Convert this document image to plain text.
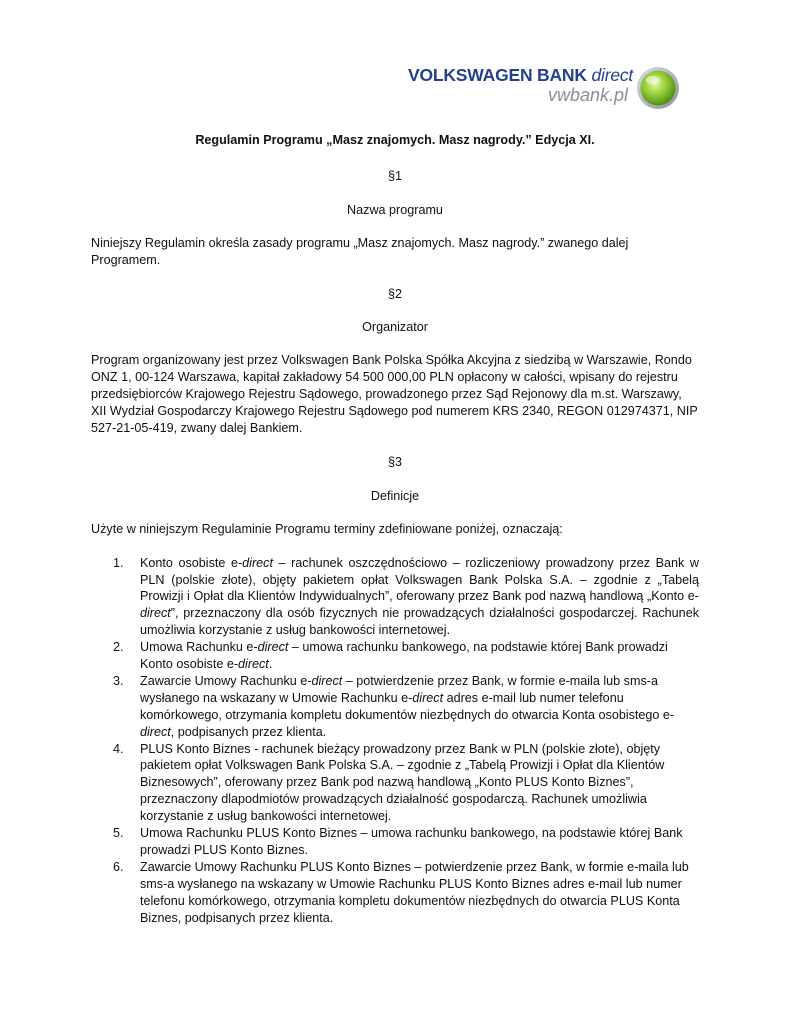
VOLKSWAGEN BANK direct
vwbank.pl
Regulamin Programu „Masz znajomych. Masz nagrody.” Edycja XI.
§1
Nazwa programu
Niniejszy Regulamin określa zasady programu „Masz znajomych. Masz nagrody.” zwanego dalej Programem.
§2
Organizator
Program organizowany jest przez Volkswagen Bank Polska Spółka Akcyjna z siedzibą w Warszawie, Rondo ONZ 1, 00-124 Warszawa, kapitał zakładowy 54 500 000,00 PLN opłacony w całości, wpisany do rejestru przedsiębiorców Krajowego Rejestru Sądowego, prowadzonego przez Sąd Rejonowy dla m.st. Warszawy, XII Wydział Gospodarczy Krajowego Rejestru Sądowego pod numerem KRS 2340, REGON 012974371, NIP 527-21-05-419, zwany dalej Bankiem.
§3
Definicje
Użyte w niniejszym Regulaminie Programu terminy zdefiniowane poniżej, oznaczają:
1. Konto osobiste e-direct – rachunek oszczędnościowo – rozliczeniowy prowadzony przez Bank w PLN (polskie złote), objęty pakietem opłat Volkswagen Bank Polska S.A. – zgodnie z „Tabelą Prowizji i Opłat dla Klientów Indywidualnych”, oferowany przez Bank pod nazwą handlową „Konto e-direct”, przeznaczony dla osób fizycznych nie prowadzących działalności gospodarczej. Rachunek umożliwia korzystanie z usług bankowości internetowej.
2. Umowa Rachunku e-direct – umowa rachunku bankowego, na podstawie której Bank prowadzi Konto osobiste e-direct.
3. Zawarcie Umowy Rachunku e-direct – potwierdzenie przez Bank, w formie e-maila lub sms-a wysłanego na wskazany w Umowie Rachunku e-direct adres e-mail lub numer telefonu komórkowego, otrzymania kompletu dokumentów niezbędnych do otwarcia Konta osobistego e-direct, podpisanych przez klienta.
4. PLUS Konto Biznes - rachunek bieżący prowadzony przez Bank w PLN (polskie złote), objęty pakietem opłat Volkswagen Bank Polska S.A. – zgodnie z „Tabelą Prowizji i Opłat dla Klientów Biznesowych”, oferowany przez Bank pod nazwą handlową „Konto PLUS Konto Biznes”, przeznaczony dlapodmiotów prowadzących działalność gospodarczą. Rachunek umożliwia korzystanie z usług bankowości internetowej.
5. Umowa Rachunku PLUS Konto Biznes – umowa rachunku bankowego, na podstawie której Bank prowadzi PLUS Konto Biznes.
6. Zawarcie Umowy Rachunku PLUS Konto Biznes – potwierdzenie przez Bank, w formie e-maila lub sms-a wysłanego na wskazany w Umowie Rachunku PLUS Konto Biznes adres e-mail lub numer telefonu komórkowego, otrzymania kompletu dokumentów niezbędnych do otwarcia PLUS Konta Biznes, podpisanych przez klienta.
